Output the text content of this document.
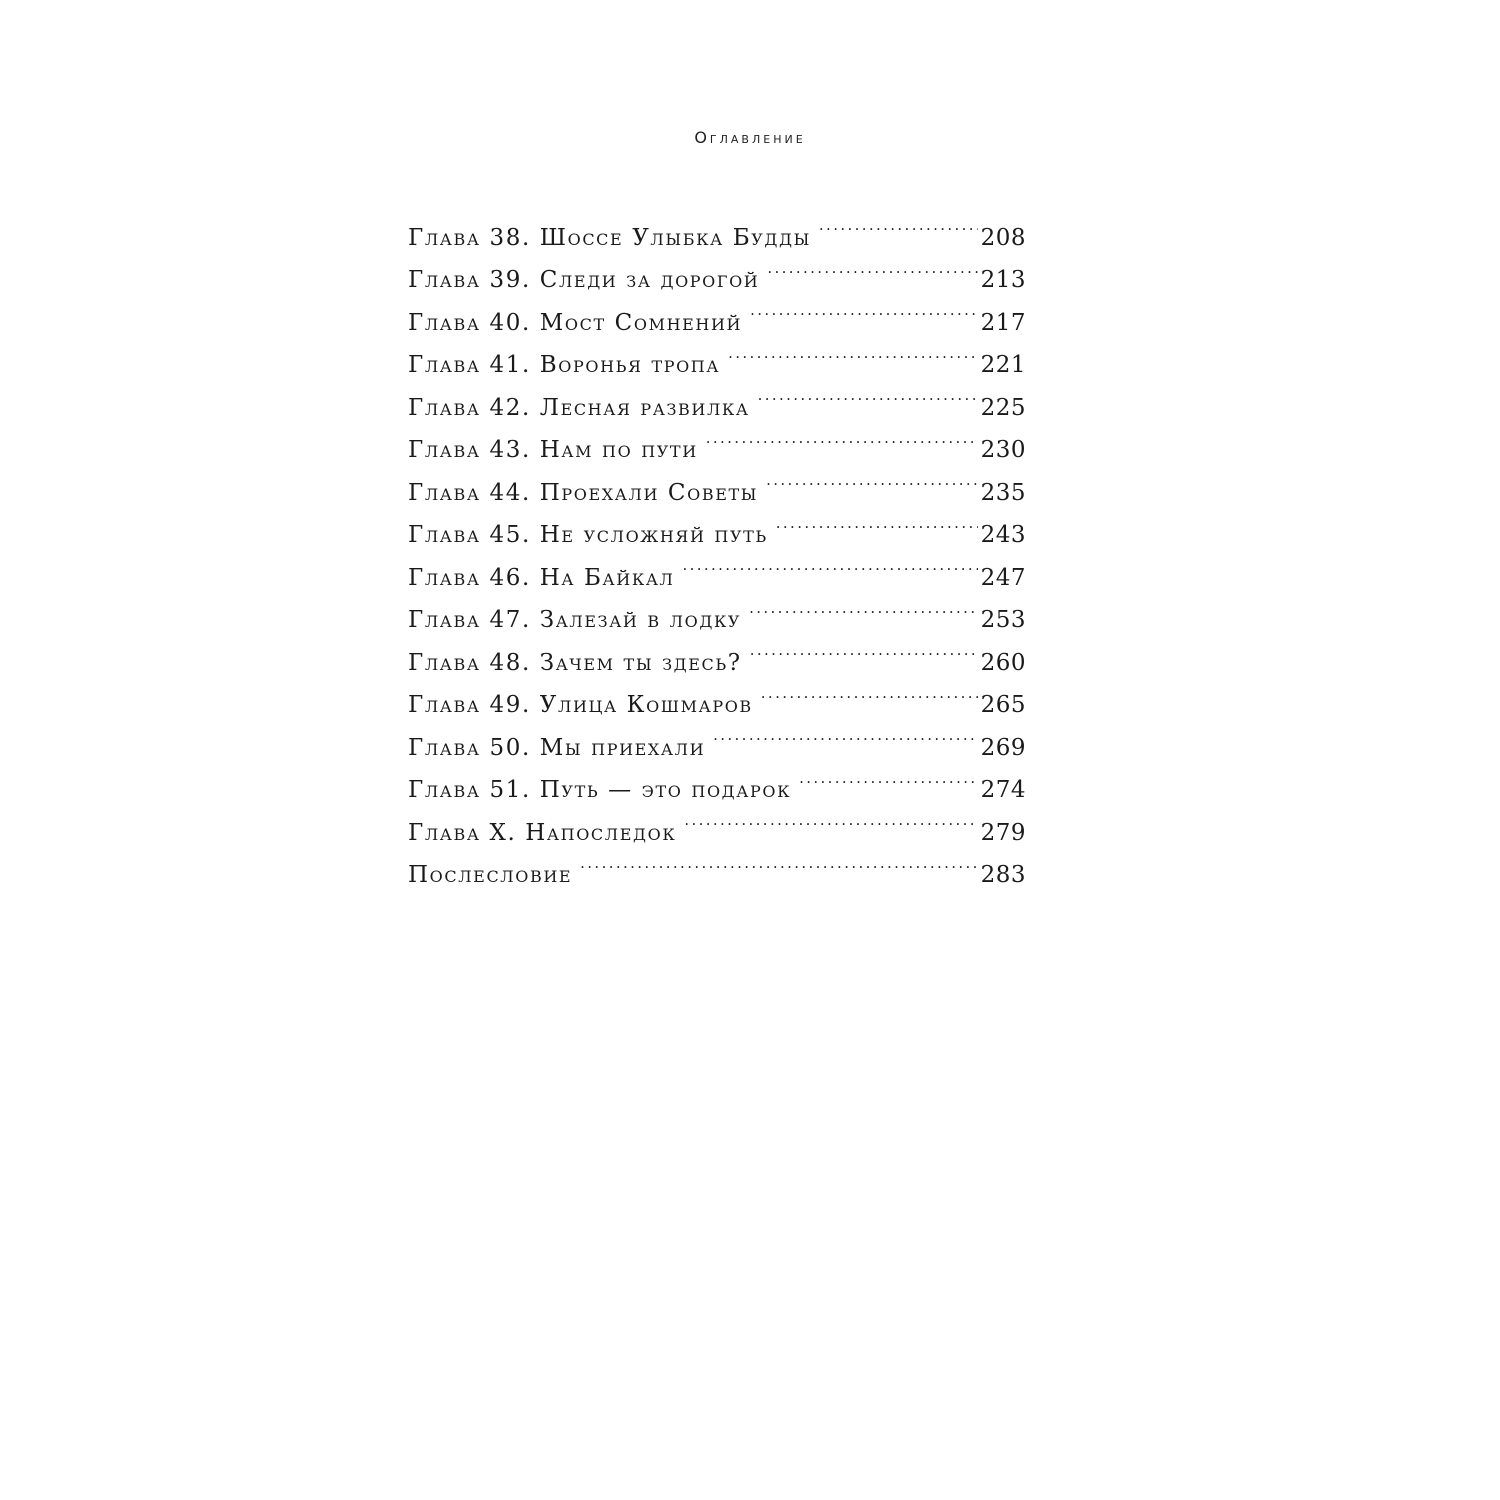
Оглавление
Глава 38. Шоссе Улыбка Будды . . .	208
Глава 39. Следи за дорогой . . .	213
Глава 40. Мост Сомнений . . .	217
Глава 41. Воронья тропа . . .	221
Глава 42. Лесная развилка . . .	225
Глава 43. Нам по пути . . .	230
Глава 44. Проехали Советы . . .	235
Глава 45. Не усложняй путь . . .	243
Глава 46. На Байкал . . .	247
Глава 47. Залезай в лодку . . .	253
Глава 48. Зачем ты здесь? . . .	260
Глава 49. Улица Кошмаров . . .	265
Глава 50. Мы приехали . . .	269
Глава 51. Путь — это подарок . . .	274
Глава X. Напоследок . . .	279
Послесловие . . .	283
